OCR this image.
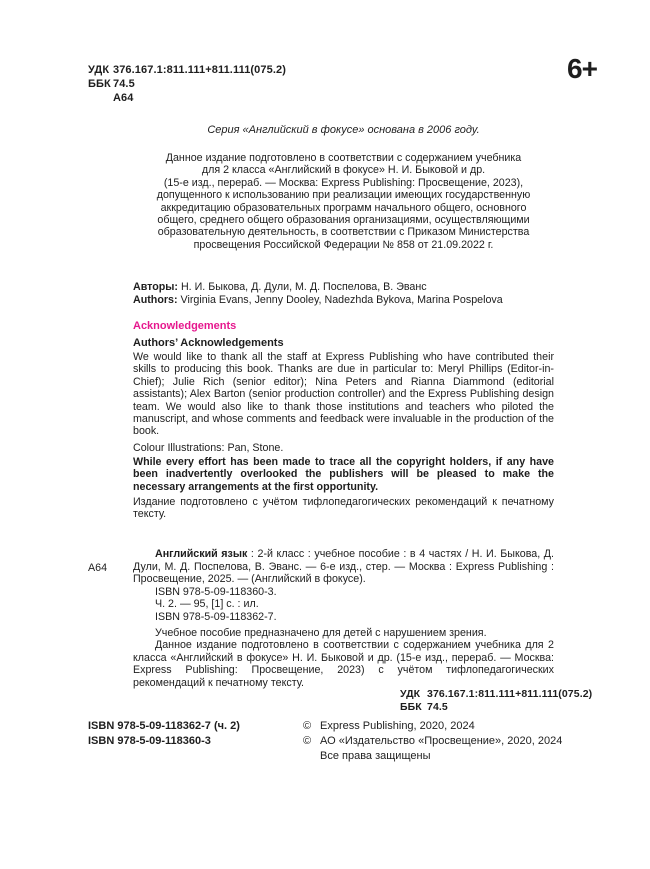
УДК 376.167.1:811.111+811.111(075.2)
ББК 74.5
А64
6+
Серия «Английский в фокусе» основана в 2006 году.
Данное издание подготовлено в соответствии с содержанием учебника
для 2 класса «Английский в фокусе» Н. И. Быковой и др.
(15-е изд., перераб. — Москва: Express Publishing: Просвещение, 2023),
допущенного к использованию при реализации имеющих государственную
аккредитацию образовательных программ начального общего, основного
общего, среднего общего образования организациями, осуществляющими
образовательную деятельность, в соответствии с Приказом Министерства
просвещения Российской Федерации № 858 от 21.09.2022 г.
Авторы: Н. И. Быкова, Д. Дули, М. Д. Поспелова, В. Эванс
Authors: Virginia Evans, Jenny Dooley, Nadezhda Bykova, Marina Pospelova
Acknowledgements
Authors’ Acknowledgements
We would like to thank all the staff at Express Publishing who have contributed their skills to producing this book. Thanks are due in particular to: Meryl Phillips (Editor-in-Chief); Julie Rich (senior editor); Nina Peters and Rianna Diammond (editorial assistants); Alex Barton (senior production controller) and the Express Publishing design team. We would also like to thank those institutions and teachers who piloted the manuscript, and whose comments and feedback were invaluable in the production of the book.
Colour Illustrations: Pan, Stone.
While every effort has been made to trace all the copyright holders, if any have been inadvertently overlooked the publishers will be pleased to make the necessary arrangements at the first opportunity.
Издание подготовлено с учётом тифлопедагогических рекомендаций к печатному тексту.
А64

Английский язык : 2-й класс : учебное пособие : в 4 частях / Н. И. Быкова, Д. Дули, М. Д. Поспелова, В. Эванс. — 6-е изд., стер. — Москва : Express Publishing : Просвещение, 2025. — (Английский в фокусе).

ISBN 978-5-09-118360-3.

Ч. 2. — 95, [1] с. : ил.

ISBN 978-5-09-118362-7.

Учебное пособие предназначено для детей с нарушением зрения.

Данное издание подготовлено в соответствии с содержанием учебника для 2 класса «Английский в фокусе» Н. И. Быковой и др. (15-е изд., перераб. — Москва: Express Publishing: Просвещение, 2023) с учётом тифлопедагогических рекомендаций к печатному тексту.

УДК 376.167.1:811.111+811.111(075.2)
ББК 74.5
ISBN 978-5-09-118362-7 (ч. 2)
ISBN 978-5-09-118360-3
© Express Publishing, 2020, 2024
© АО «Издательство «Просвещение», 2020, 2024
Все права защищены
